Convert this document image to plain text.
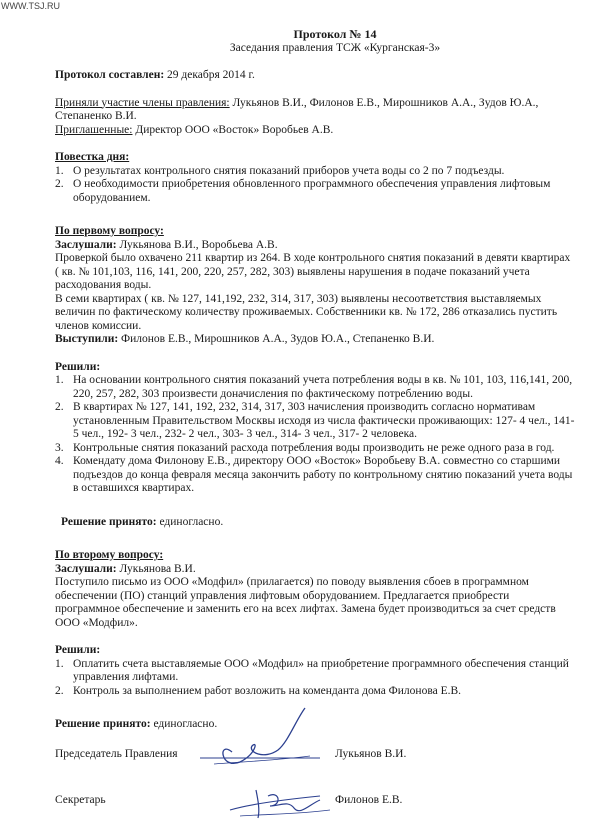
WWW.TSJ.RU

Протокол № 14

Заседания правления ТСЖ «Курганская-3»

Протокол составлен: 29 декабря 2014 г.

Приняли участие члены правления: Лукьянов В.И., Филонов Е.В., Мирошников А.А., Зудов Ю.А.,

Степаненко В.И.

Приглашенные: Директор ООО «Восток» Воробьев А.В.

Повестка дня:

1. О результатах контрольного снятия показаний приборов учета воды со 2 по 7 подъезды.
2. О необходимости приобретения обновленного программного обеспечения управления лифтовым оборудованием.

По первому вопросу:

Заслушали: Лукьянова В.И., Воробьева А.В.

Проверкой было охвачено 211 квартир из 264. В ходе контрольного снятия показаний в девяти квартирах ( кв. № 101,103, 116, 141, 200, 220, 257, 282, 303) выявлены нарушения в подаче показаний учета расходования воды.

В семи квартирах ( кв. № 127, 141,192, 232, 314, 317, 303) выявлены несоответствия выставляемых величин по фактическому количеству проживаемых. Собственники кв. № 172, 286 отказались пустить членов комиссии.

Выступили: Филонов Е.В., Мирошников А.А., Зудов Ю.А., Степаненко В.И.

Решили:

1. На основании контрольного снятия показаний учета потребления воды в кв. № 101, 103, 116,141, 200, 220, 257, 282, 303 произвести доначисления по фактическому потреблению воды.
2. В квартирах № 127, 141, 192, 232, 314, 317, 303 начисления производить согласно нормативам установленным Правительством Москвы исходя из числа фактически проживающих: 127- 4 чел., 141- 5 чел., 192- 3 чел., 232- 2 чел., 303- 3 чел., 314- 3 чел., 317- 2 человека.
3. Контрольные снятия показаний расхода потребления воды производить не реже одного раза в год.
4. Комендату дома Филонову Е.В., директору ООО «Восток» Воробьеву В.А. совместно со старшими подъездов до конца февраля месяца закончить работу по контрольному снятию показаний учета воды в оставшихся квартирах.

Решение принято: единогласно.

По второму вопросу:

Заслушали: Лукьянова В.И.

Поступило письмо из ООО «Модфил» (прилагается) по поводу выявления сбоев в программном обеспечении (ПО) станций управления лифтовым оборудованием. Предлагается приобрести программное обеспечение и заменить его на всех лифтах. Замена будет производиться за счет средств ООО «Модфил».

Решили:

1. Оплатить счета выставляемые ООО «Модфил» на приобретение программного обеспечения станций управления лифтами.
2. Контроль за выполнением работ возложить на коменданта дома Филонова Е.В.

Решение принято: единогласно.

Председатель Правления	Лукьянов В.И.
Секретарь	Филонов Е.В.
